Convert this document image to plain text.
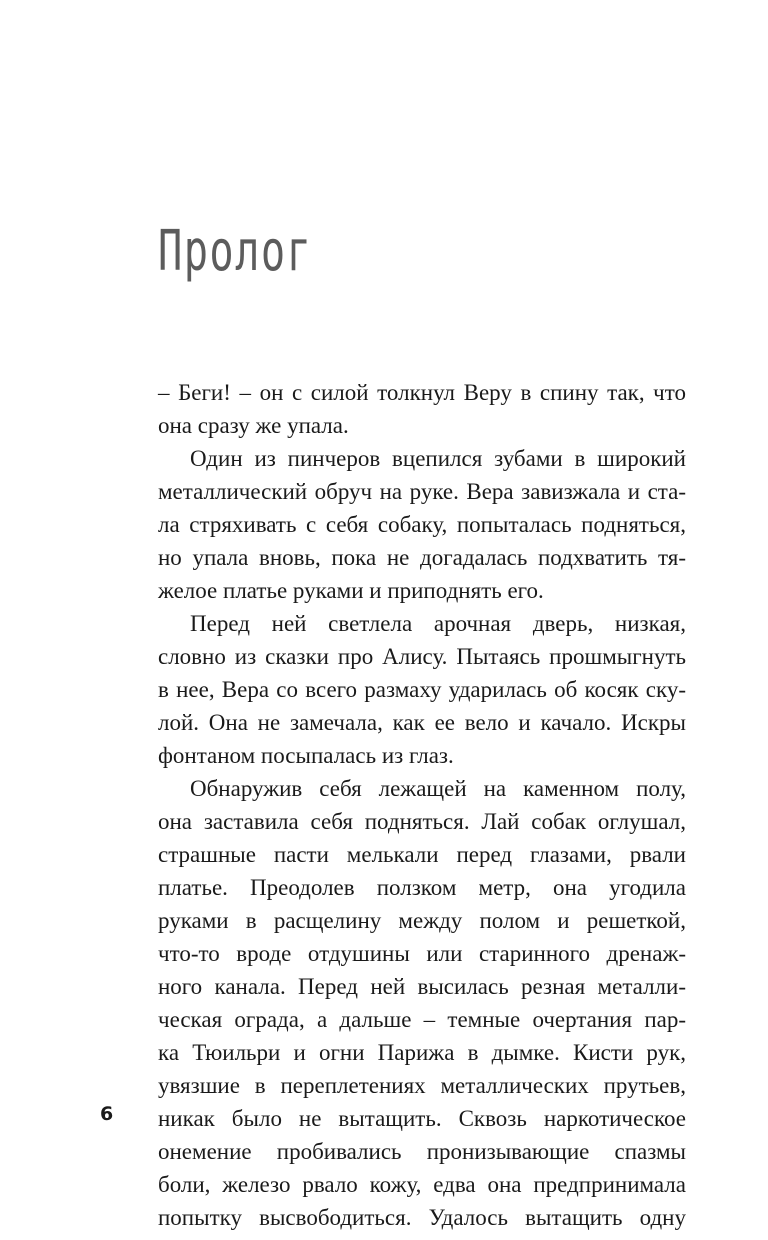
Пролог
– Беги! – он с силой толкнул Веру в спину так, что
она сразу же упала.
Один из пинчеров вцепился зубами в широкий
металлический обруч на руке. Вера завизжала и ста-
ла стряхивать с себя собаку, попыталась подняться,
но упала вновь, пока не догадалась подхватить тя-
желое платье руками и приподнять его.
Перед ней светлела арочная дверь, низкая,
словно из сказки про Алису. Пытаясь прошмыгнуть
в нее, Вера со всего размаху ударилась об косяк ску-
лой. Она не замечала, как ее вело и качало. Искры
фонтаном посыпалась из глаз.
Обнаружив себя лежащей на каменном полу,
она заставила себя подняться. Лай собак оглушал,
страшные пасти мелькали перед глазами, рвали
платье. Преодолев ползком метр, она угодила
руками в расщелину между полом и решеткой,
что-то вроде отдушины или старинного дренаж-
ного канала. Перед ней высилась резная металли-
ческая ограда, а дальше – темные очертания пар-
ка Тюильри и огни Парижа в дымке. Кисти рук,
увязшие в переплетениях металлических прутьев,
никак было не вытащить. Сквозь наркотическое
онемение пробивались пронизывающие спазмы
боли, железо рвало кожу, едва она предпринимала
попытку высвободиться. Удалось вытащить одну
6
